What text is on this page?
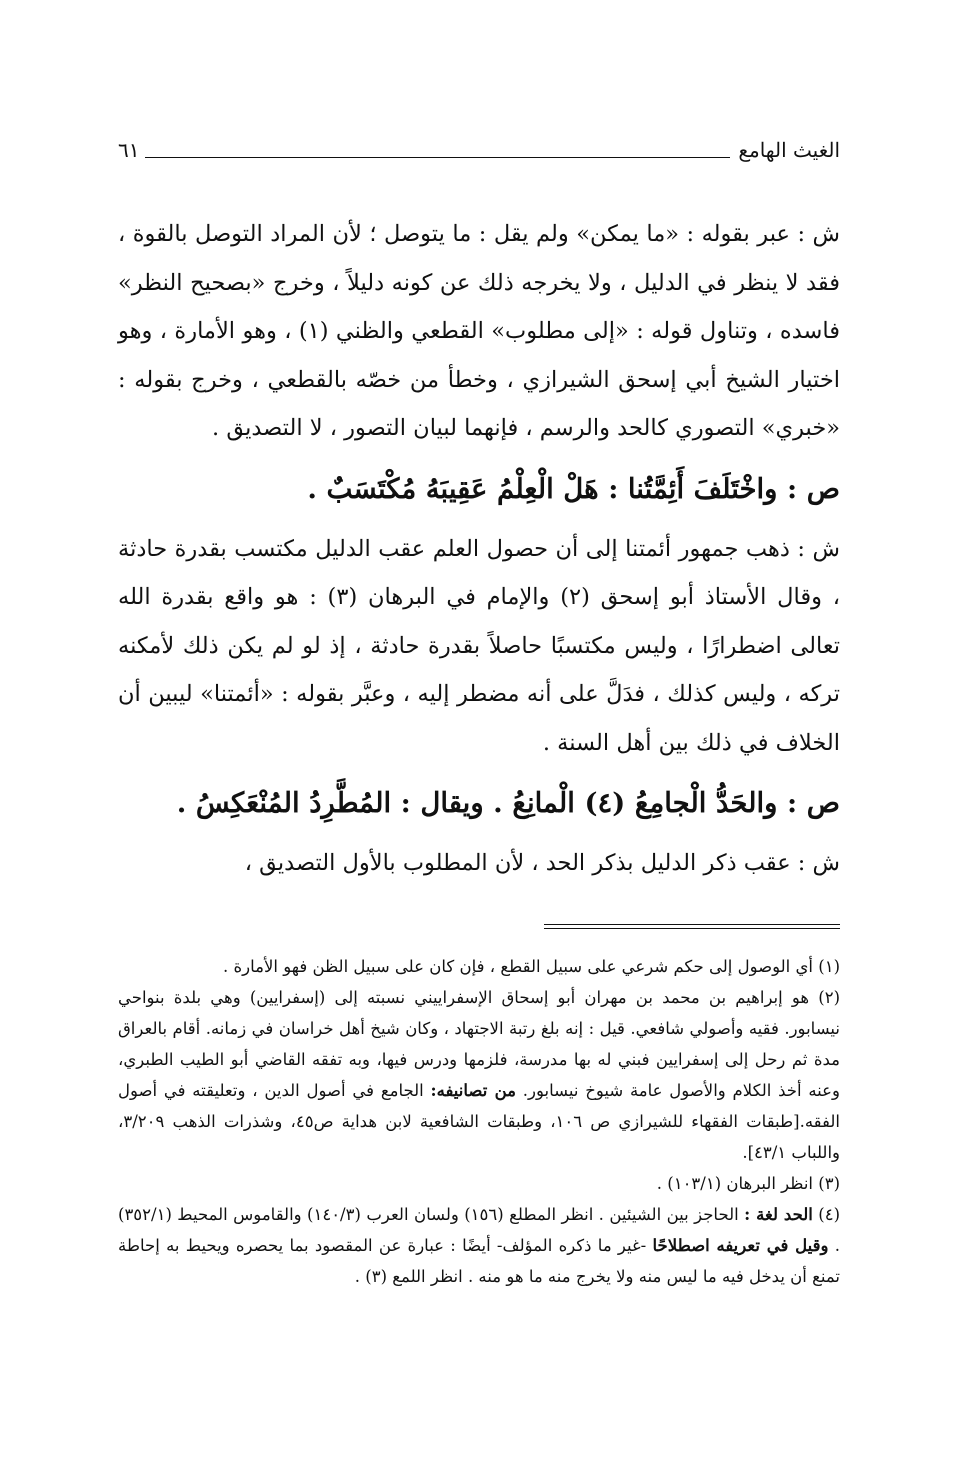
الغيث الهامع
٦١

ش : عبر بقوله : «ما يمكن» ولم يقل : ما يتوصل ؛ لأن المراد التوصل بالقوة ، فقد لا ينظر في الدليل ، ولا يخرجه ذلك عن كونه دليلاً ، وخرج «بصحيح النظر» فاسده ، وتناول قوله : «إلى مطلوب» القطعي والظني (١) ، وهو الأمارة ، وهو اختيار الشيخ أبي إسحق الشيرازي ، وخطأ من خصّه بالقطعي ، وخرج بقوله : «خبري» التصوري كالحد والرسم ، فإنهما لبيان التصور ، لا التصديق .

ص : واخْتَلَفَ أَئِمَّتُنا : هَلْ الْعِلْمُ عَقِيبَهُ مُكْتَسَبٌ .

ش : ذهب جمهور أئمتنا إلى أن حصول العلم عقب الدليل مكتسب بقدرة حادثة ، وقال الأستاذ أبو إسحق (٢) والإمام في البرهان (٣) : هو واقع بقدرة الله تعالى اضطرارًا ، وليس مكتسبًا حاصلاً بقدرة حادثة ، إذ لو لم يكن ذلك لأمكنه تركه ، وليس كذلك ، فدَلَّ على أنه مضطر إليه ، وعبَّر بقوله : «أئمتنا» ليبين أن الخلاف في ذلك بين أهل السنة .

ص : والحَدُّ الْجامِعُ (٤) الْمانِعُ . ويقال : المُطَّرِدُ المُنْعَكِسُ .

ش : عقب ذكر الدليل بذكر الحد ، لأن المطلوب بالأول التصديق ،

(١) أي الوصول إلى حكم شرعي على سبيل القطع ، فإن كان على سبيل الظن فهو الأمارة .

(٢) هو إبراهيم بن محمد بن مهران أبو إسحاق الإسفراييني نسبته إلى (إسفرايين) وهي بلدة بنواحي نيسابور. فقيه وأصولي شافعي. قيل : إنه بلغ رتبة الاجتهاد ، وكان شيخ أهل خراسان في زمانه. أقام بالعراق مدة ثم رحل إلى إسفرايين فبني له بها مدرسة، فلزمها ودرس فيها، وبه تفقه القاضي أبو الطيب الطبري، وعنه أخذ الكلام والأصول عامة شيوخ نيسابور. من تصانيفه: الجامع في أصول الدين ، وتعليقته في أصول الفقه.[طبقات الفقهاء للشيرازي ص ١٠٦، وطبقات الشافعية لابن هداية ص٤٥، وشذرات الذهب ٣/٢٠٩، واللباب ٤٣/١].

(٣) انظر البرهان (١٠٣/١) .

(٤) الحد لغة : الحاجز بين الشيئين . انظر المطلع (١٥٦) ولسان العرب (١٤٠/٣) والقاموس المحيط (٣٥٢/١) . وقيل في تعريفه اصطلاحًا -غير ما ذكره المؤلف- أيضًا : عبارة عن المقصود بما يحصره ويحيط به إحاطة تمنع أن يدخل فيه ما ليس منه ولا يخرج منه ما هو منه . انظر اللمع (٣) .
